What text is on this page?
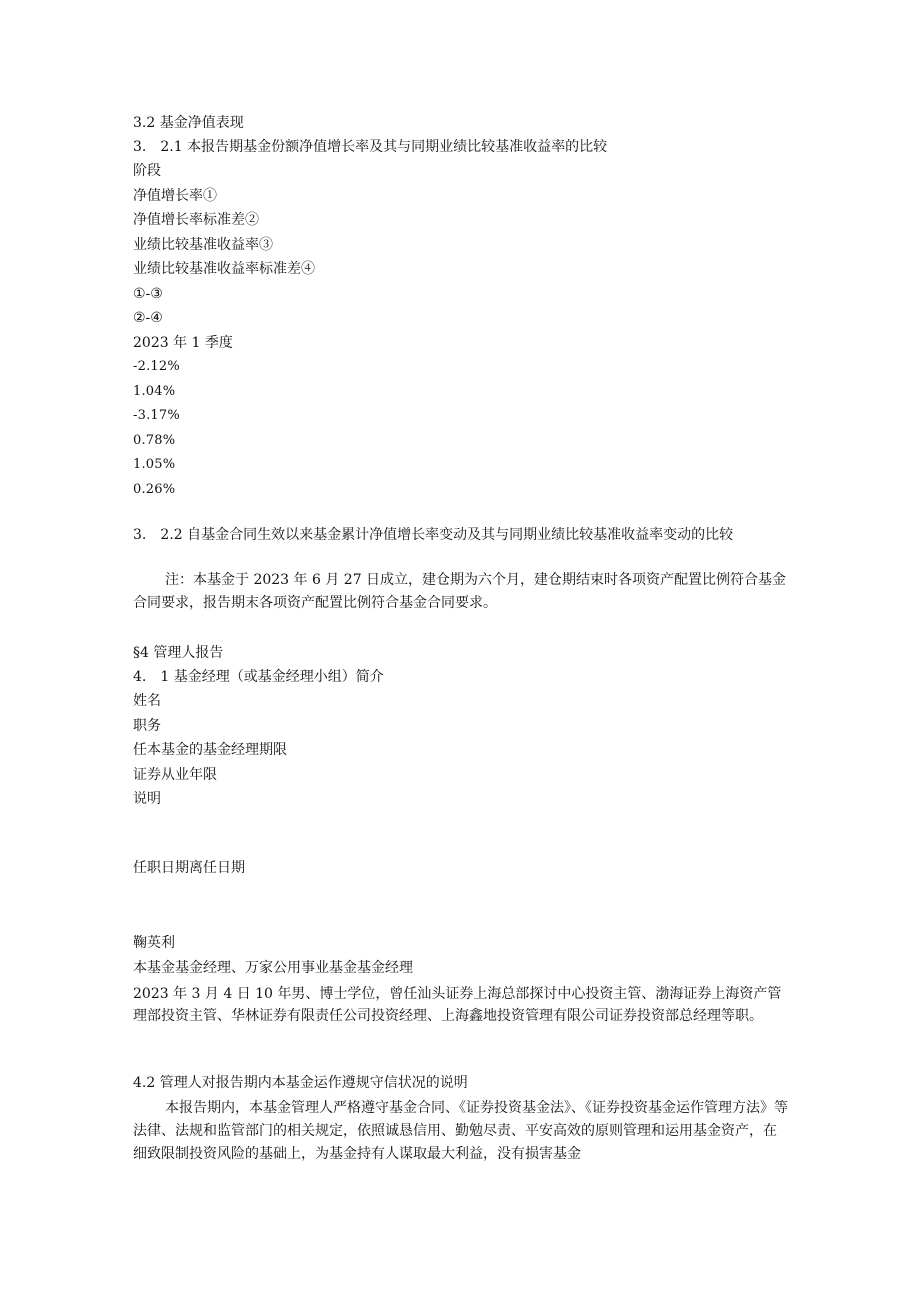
3.2 基金净值表现
3.　2.1 本报告期基金份额净值增长率及其与同期业绩比较基准收益率的比较
阶段
净值增长率①
净值增长率标准差②
业绩比较基准收益率③
业绩比较基准收益率标准差④
①-③
②-④
2023 年 1 季度
-2.12%
1.04%
-3.17%
0.78%
1.05%
0.26%
3.　2.2 自基金合同生效以来基金累计净值增长率变动及其与同期业绩比较基准收益率变动的比较
注：本基金于 2023 年 6 月 27 日成立，建仓期为六个月，建仓期结束时各项资产配置比例符合基金合同要求，报告期末各项资产配置比例符合基金合同要求。
§4 管理人报告
4.　1 基金经理（或基金经理小组）简介
姓名
职务
任本基金的基金经理期限
证券从业年限
说明
任职日期离任日期
鞠英利
本基金基金经理、万家公用事业基金基金经理
2023 年 3 月 4 日 10 年男、博士学位，曾任汕头证券上海总部探讨中心投资主管、渤海证券上海资产管理部投资主管、华林证券有限责任公司投资经理、上海鑫地投资管理有限公司证券投资部总经理等职。
4.2 管理人对报告期内本基金运作遵规守信状况的说明
本报告期内，本基金管理人严格遵守基金合同、《证券投资基金法》、《证券投资基金运作管理方法》等法律、法规和监管部门的相关规定，依照诚恳信用、勤勉尽责、平安高效的原则管理和运用基金资产，在细致限制投资风险的基础上，为基金持有人谋取最大利益，没有损害基金
